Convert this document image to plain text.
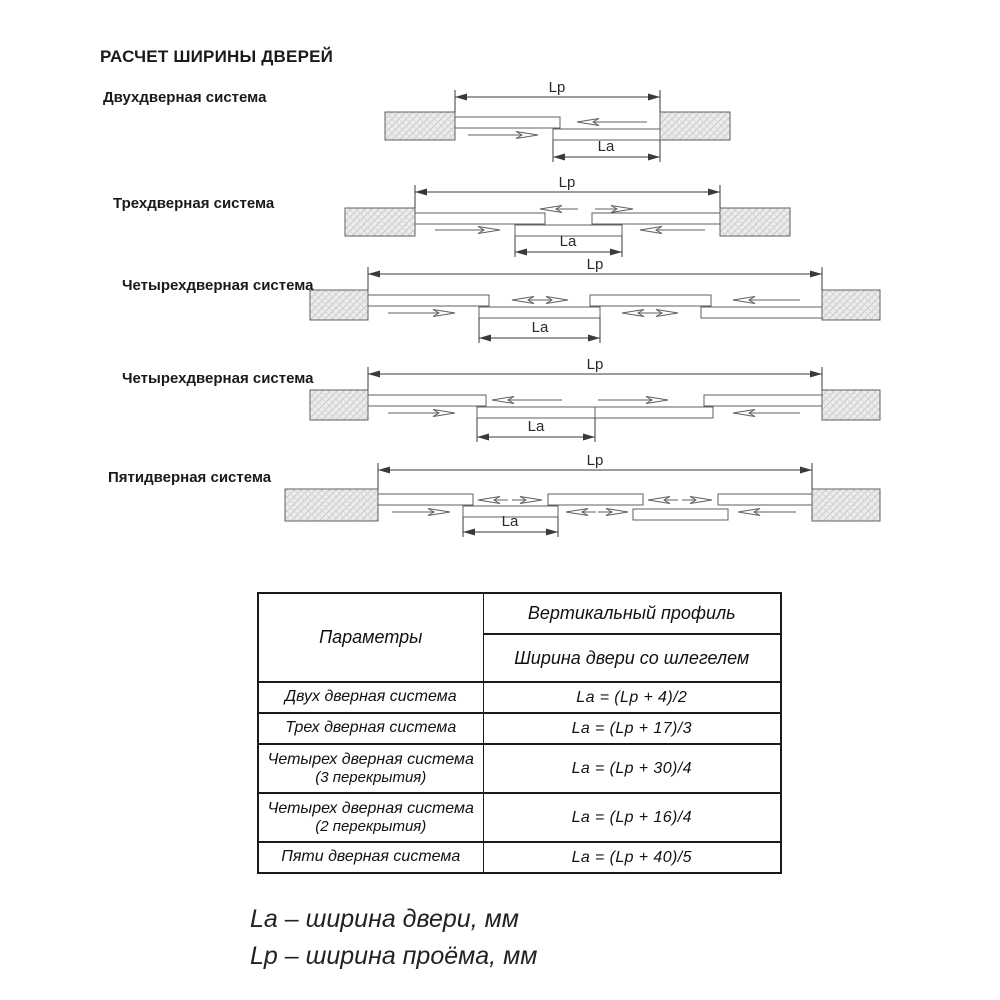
Lp
La
Lp
La
Lp
La
Lp
La
Lp
La
РАСЧЕТ ШИРИНЫ ДВЕРЕЙ
Двухдверная система
Трехдверная система
Четырехдверная система
Четырехдверная система
Пятидверная система
Параметры	Вертикальный профиль
	Ширина двери со шлегелем
Двух дверная система	La = (Lp + 4)/2
Трех дверная система	La = (Lp + 17)/3

Четырех дверная система
(3 перекрытия)	La = (Lp + 30)/4

Четырех дверная система
(2 перекрытия)	La = (Lp + 16)/4
Пяти дверная система	La = (Lp + 40)/5
La – ширина двери, мм
Lp – ширина проёма, мм
